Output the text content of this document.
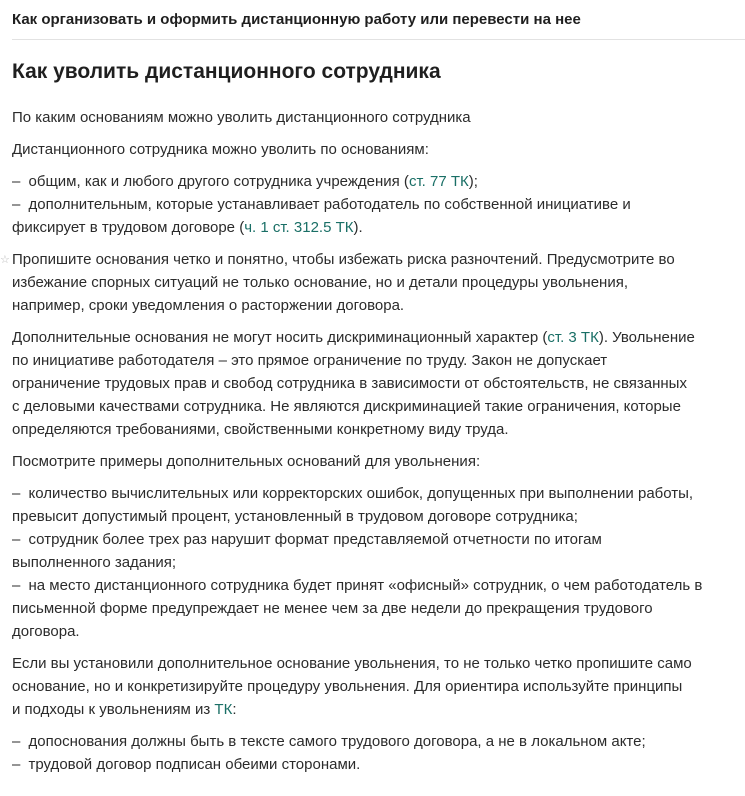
Как организовать и оформить дистанционную работу или перевести на нее
Как уволить дистанционного сотрудника
По каким основаниям можно уволить дистанционного сотрудника
Дистанционного сотрудника можно уволить по основаниям:
– общим, как и любого другого сотрудника учреждения (ст. 77 ТК);
– дополнительным, которые устанавливает работодатель по собственной инициативе и
фиксирует в трудовом договоре (ч. 1 ст. 312.5 ТК).
☆ Пропишите основания четко и понятно, чтобы избежать риска разночтений. Предусмотрите во
избежание спорных ситуаций не только основание, но и детали процедуры увольнения,
например, сроки уведомления о расторжении договора.
Дополнительные основания не могут носить дискриминационный характер (ст. 3 ТК). Увольнение
по инициативе работодателя – это прямое ограничение по труду. Закон не допускает
ограничение трудовых прав и свобод сотрудника в зависимости от обстоятельств, не связанных
с деловыми качествами сотрудника. Не являются дискриминацией такие ограничения, которые
определяются требованиями, свойственными конкретному виду труда.
Посмотрите примеры дополнительных оснований для увольнения:
– количество вычислительных или корректорских ошибок, допущенных при выполнении работы,
превысит допустимый процент, установленный в трудовом договоре сотрудника;
– сотрудник более трех раз нарушит формат представляемой отчетности по итогам
выполненного задания;
– на место дистанционного сотрудника будет принят «офисный» сотрудник, о чем работодатель в
письменной форме предупреждает не менее чем за две недели до прекращения трудового
договора.
Если вы установили дополнительное основание увольнения, то не только четко пропишите само
основание, но и конкретизируйте процедуру увольнения. Для ориентира используйте принципы
и подходы к увольнениям из ТК:
– допоснования должны быть в тексте самого трудового договора, а не в локальном акте;
– трудовой договор подписан обеими сторонами.
